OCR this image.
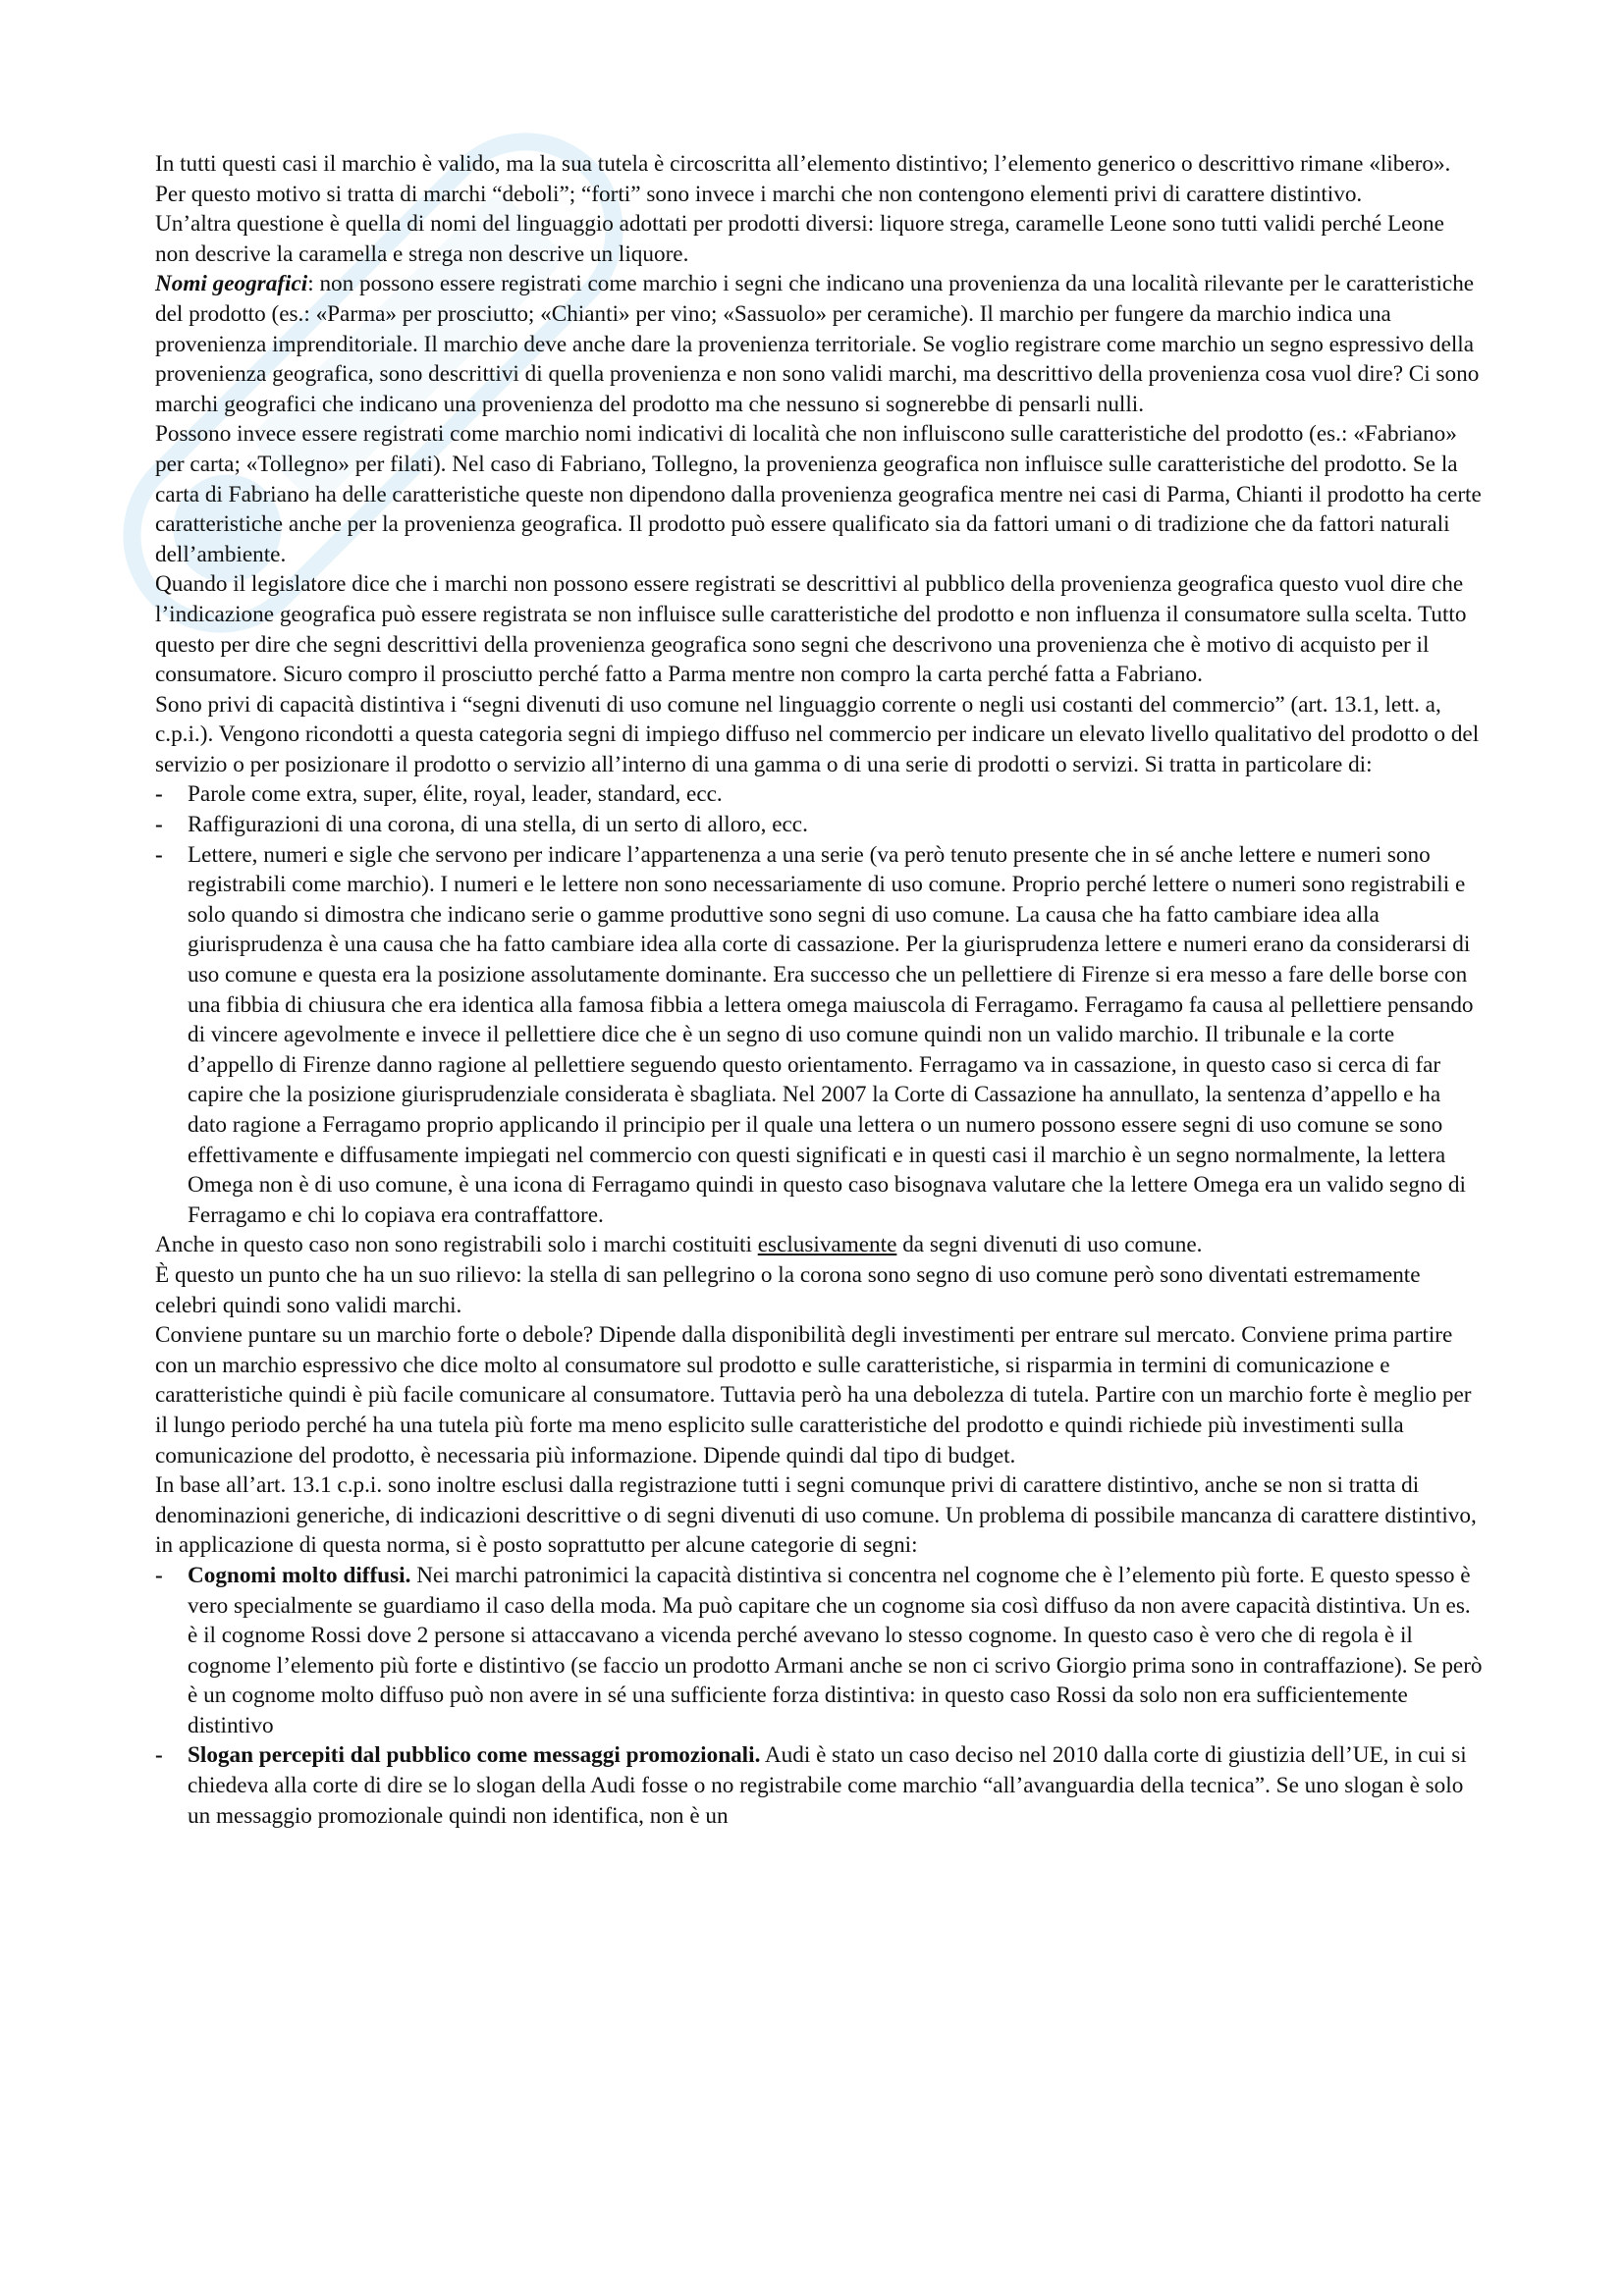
In tutti questi casi il marchio è valido, ma la sua tutela è circoscritta all’elemento distintivo; l’elemento generico o descrittivo rimane «libero». Per questo motivo si tratta di marchi “deboli”; “forti” sono invece i marchi che non contengono elementi privi di carattere distintivo.

Un’altra questione è quella di nomi del linguaggio adottati per prodotti diversi: liquore strega, caramelle Leone sono tutti validi perché Leone non descrive la caramella e strega non descrive un liquore.

Nomi geografici: non possono essere registrati come marchio i segni che indicano una provenienza da una località rilevante per le caratteristiche del prodotto (es.: «Parma» per prosciutto; «Chianti» per vino; «Sassuolo» per ceramiche). Il marchio per fungere da marchio indica una provenienza imprenditoriale. Il marchio deve anche dare la provenienza territoriale. Se voglio registrare come marchio un segno espressivo della provenienza geografica, sono descrittivi di quella provenienza e non sono validi marchi, ma descrittivo della provenienza cosa vuol dire? Ci sono marchi geografici che indicano una provenienza del prodotto ma che nessuno si sognerebbe di pensarli nulli.

Possono invece essere registrati come marchio nomi indicativi di località che non influiscono sulle caratteristiche del prodotto (es.: «Fabriano» per carta; «Tollegno» per filati). Nel caso di Fabriano, Tollegno, la provenienza geografica non influisce sulle caratteristiche del prodotto. Se la carta di Fabriano ha delle caratteristiche queste non dipendono dalla provenienza geografica mentre nei casi di Parma, Chianti il prodotto ha certe caratteristiche anche per la provenienza geografica. Il prodotto può essere qualificato sia da fattori umani o di tradizione che da fattori naturali dell’ambiente.

Quando il legislatore dice che i marchi non possono essere registrati se descrittivi al pubblico della provenienza geografica questo vuol dire che l’indicazione geografica può essere registrata se non influisce sulle caratteristiche del prodotto e non influenza il consumatore sulla scelta. Tutto questo per dire che segni descrittivi della provenienza geografica sono segni che descrivono una provenienza che è motivo di acquisto per il consumatore. Sicuro compro il prosciutto perché fatto a Parma mentre non compro la carta perché fatta a Fabriano.

Sono privi di capacità distintiva i “segni divenuti di uso comune nel linguaggio corrente o negli usi costanti del commercio” (art. 13.1, lett. a, c.p.i.). Vengono ricondotti a questa categoria segni di impiego diffuso nel commercio per indicare un elevato livello qualitativo del prodotto o del servizio o per posizionare il prodotto o servizio all’interno di una gamma o di una serie di prodotti o servizi. Si tratta in particolare di:

- Parole come extra, super, élite, royal, leader, standard, ecc.
- Raffigurazioni di una corona, di una stella, di un serto di alloro, ecc.
- Lettere, numeri e sigle che servono per indicare l’appartenenza a una serie (va però tenuto presente che in sé anche lettere e numeri sono registrabili come marchio). I numeri e le lettere non sono necessariamente di uso comune. Proprio perché lettere o numeri sono registrabili e solo quando si dimostra che indicano serie o gamme produttive sono segni di uso comune. La causa che ha fatto cambiare idea alla giurisprudenza è una causa che ha fatto cambiare idea alla corte di cassazione. Per la giurisprudenza lettere e numeri erano da considerarsi di uso comune e questa era la posizione assolutamente dominante. Era successo che un pellettiere di Firenze si era messo a fare delle borse con una fibbia di chiusura che era identica alla famosa fibbia a lettera omega maiuscola di Ferragamo. Ferragamo fa causa al pellettiere pensando di vincere agevolmente e invece il pellettiere dice che è un segno di uso comune quindi non un valido marchio. Il tribunale e la corte d’appello di Firenze danno ragione al pellettiere seguendo questo orientamento. Ferragamo va in cassazione, in questo caso si cerca di far capire che la posizione giurisprudenziale considerata è sbagliata. Nel 2007 la Corte di Cassazione ha annullato, la sentenza d’appello e ha dato ragione a Ferragamo proprio applicando il principio per il quale una lettera o un numero possono essere segni di uso comune se sono effettivamente e diffusamente impiegati nel commercio con questi significati e in questi casi il marchio è un segno normalmente, la lettera Omega non è di uso comune, è una icona di Ferragamo quindi in questo caso bisognava valutare che la lettere Omega era un valido segno di Ferragamo e chi lo copiava era contraffattore.

Anche in questo caso non sono registrabili solo i marchi costituiti esclusivamente da segni divenuti di uso comune.

È questo un punto che ha un suo rilievo: la stella di san pellegrino o la corona sono segno di uso comune però sono diventati estremamente celebri quindi sono validi marchi.

Conviene puntare su un marchio forte o debole? Dipende dalla disponibilità degli investimenti per entrare sul mercato. Conviene prima partire con un marchio espressivo che dice molto al consumatore sul prodotto e sulle caratteristiche, si risparmia in termini di comunicazione e caratteristiche quindi è più facile comunicare al consumatore. Tuttavia però ha una debolezza di tutela. Partire con un marchio forte è meglio per il lungo periodo perché ha una tutela più forte ma meno esplicito sulle caratteristiche del prodotto e quindi richiede più investimenti sulla comunicazione del prodotto, è necessaria più informazione. Dipende quindi dal tipo di budget.

In base all’art. 13.1 c.p.i. sono inoltre esclusi dalla registrazione tutti i segni comunque privi di carattere distintivo, anche se non si tratta di denominazioni generiche, di indicazioni descrittive o di segni divenuti di uso comune. Un problema di possibile mancanza di carattere distintivo, in applicazione di questa norma, si è posto soprattutto per alcune categorie di segni:

- Cognomi molto diffusi. Nei marchi patronimici la capacità distintiva si concentra nel cognome che è l’elemento più forte. E questo spesso è vero specialmente se guardiamo il caso della moda. Ma può capitare che un cognome sia così diffuso da non avere capacità distintiva. Un es. è il cognome Rossi dove 2 persone si attaccavano a vicenda perché avevano lo stesso cognome. In questo caso è vero che di regola è il cognome l’elemento più forte e distintivo (se faccio un prodotto Armani anche se non ci scrivo Giorgio prima sono in contraffazione). Se però è un cognome molto diffuso può non avere in sé una sufficiente forza distintiva: in questo caso Rossi da solo non era sufficientemente distintivo
- Slogan percepiti dal pubblico come messaggi promozionali. Audi è stato un caso deciso nel 2010 dalla corte di giustizia dell’UE, in cui si chiedeva alla corte di dire se lo slogan della Audi fosse o no registrabile come marchio “all’avanguardia della tecnica”. Se uno slogan è solo un messaggio promozionale quindi non identifica, non è un
